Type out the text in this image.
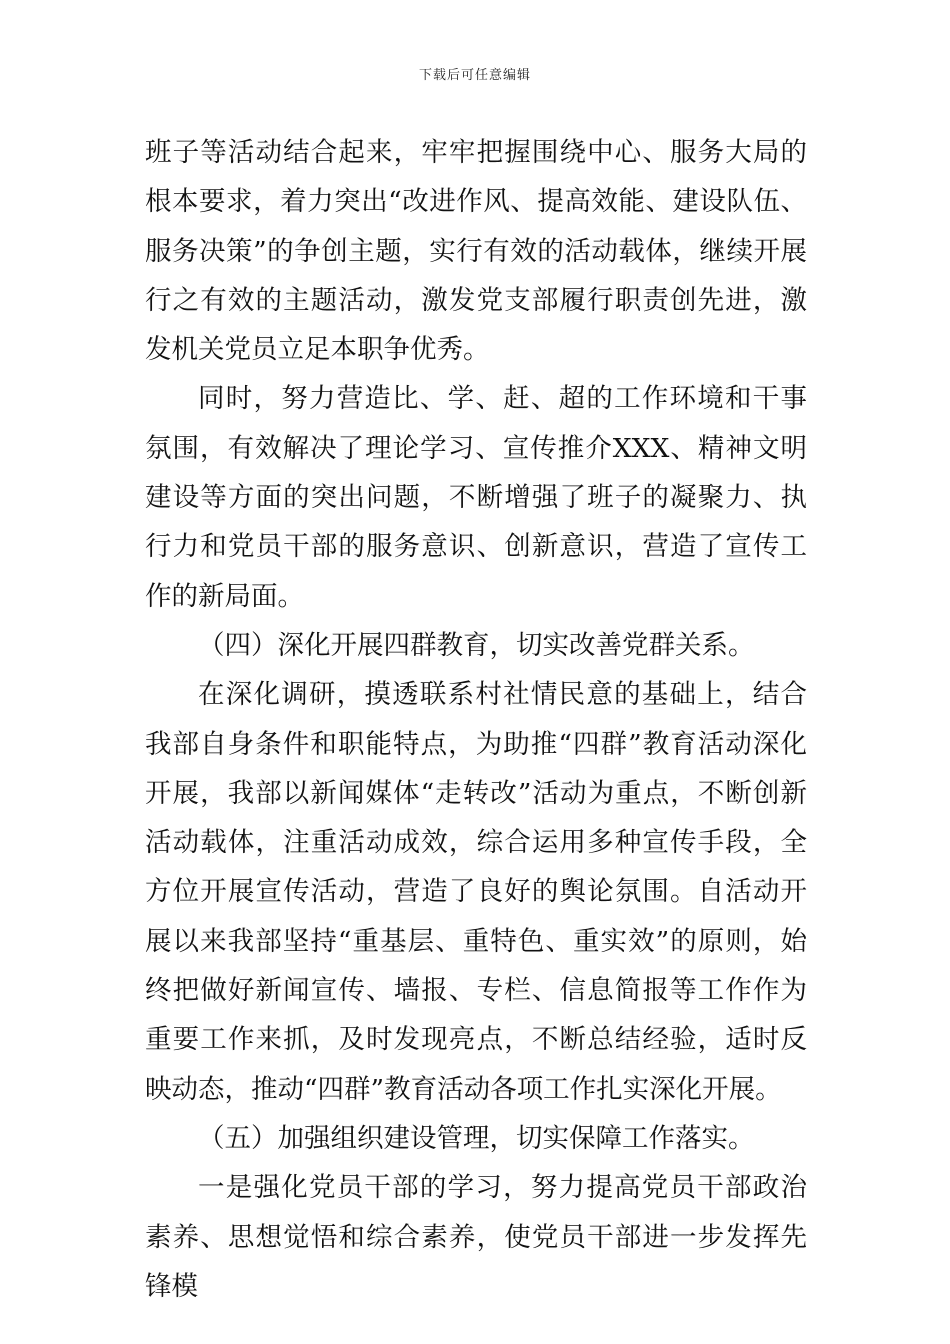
下载后可任意编辑

班子等活动结合起来，牢牢把握围绕中心、服务大局的根本要求，着力突出“改进作风、提高效能、建设队伍、服务决策”的争创主题，实行有效的活动载体，继续开展行之有效的主题活动，激发党支部履行职责创先进，激发机关党员立足本职争优秀。

同时，努力营造比、学、赶、超的工作环境和干事氛围，有效解决了理论学习、宣传推介XXX、精神文明建设等方面的突出问题，不断增强了班子的凝聚力、执行力和党员干部的服务意识、创新意识，营造了宣传工作的新局面。

（四）深化开展四群教育，切实改善党群关系。

在深化调研，摸透联系村社情民意的基础上，结合我部自身条件和职能特点，为助推“四群”教育活动深化开展，我部以新闻媒体“走转改”活动为重点，不断创新活动载体，注重活动成效，综合运用多种宣传手段，全方位开展宣传活动，营造了良好的舆论氛围。自活动开展以来我部坚持“重基层、重特色、重实效”的原则，始终把做好新闻宣传、墙报、专栏、信息简报等工作作为重要工作来抓，及时发现亮点，不断总结经验，适时反映动态，推动“四群”教育活动各项工作扎实深化开展。

（五）加强组织建设管理，切实保障工作落实。

一是强化党员干部的学习，努力提高党员干部政治素养、思想觉悟和综合素养，使党员干部进一步发挥先锋模
